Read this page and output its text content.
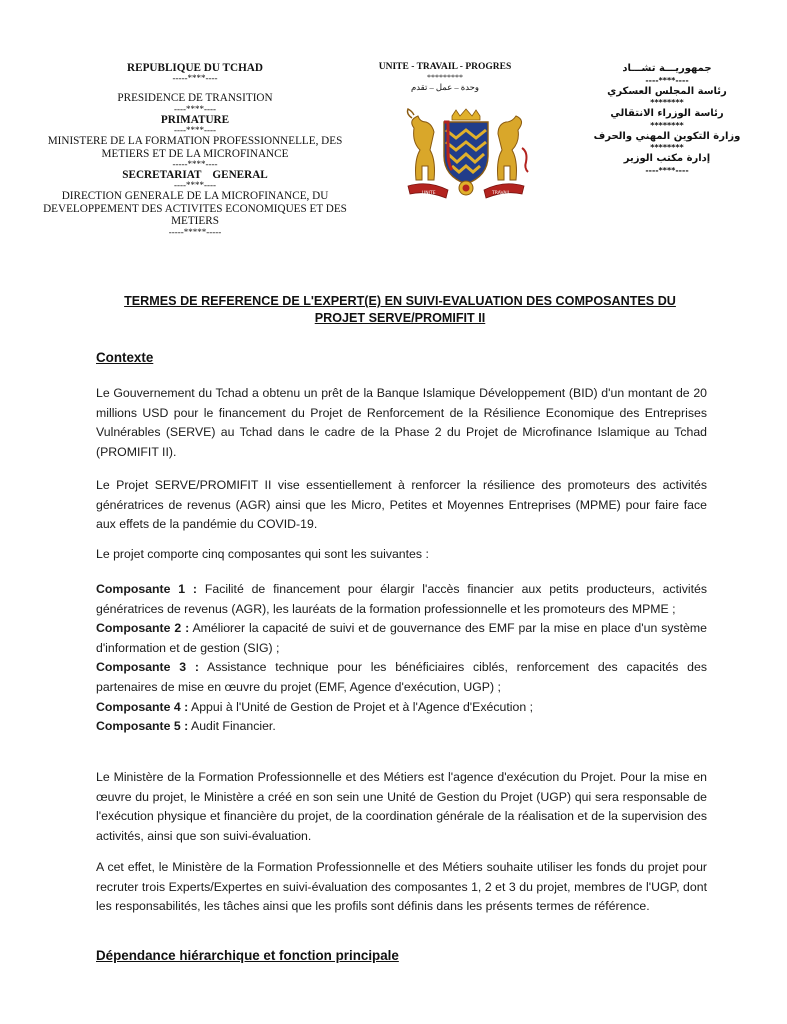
REPUBLIQUE DU TCHAD
-----****----
PRESIDENCE DE TRANSITION
----****----
PRIMATURE
----****----
MINISTERE DE LA FORMATION PROFESSIONNELLE, DES
METIERS ET DE LA MICROFINANCE
-----****----
SECRETARIAT    GENERAL
----****----
DIRECTION GENERALE DE LA MICROFINANCE, DU
DEVELOPPEMENT DES ACTIVITES ECONOMIQUES ET DES
METIERS
-----*****-----
UNITE - TRAVAIL - PROGRES
*********
وحدة – عمل – تقدم
UNITE	TRAVAIL
جمهوريـــة تشـــاد
----****----
رئاسة المجلس العسكري
********
رئاسة الوزراء الانتقالي
********
وزارة التكوين المهني والحرف
********
إدارة مكتب الوزير
----****----
TERMES DE REFERENCE DE L'EXPERT(E) EN SUIVI-EVALUATION DES COMPOSANTES DU
PROJET SERVE/PROMIFIT II
Contexte
Le Gouvernement du Tchad a obtenu un prêt de la Banque Islamique Développement (BID) d'un montant de 20 millions USD pour le financement du Projet de Renforcement de la Résilience Economique des Entreprises Vulnérables (SERVE) au Tchad dans le cadre de la Phase 2 du Projet de Microfinance Islamique au Tchad (PROMIFIT II).
Le Projet SERVE/PROMIFIT II vise essentiellement à renforcer la résilience des promoteurs des activités génératrices de revenus (AGR) ainsi que les Micro, Petites et Moyennes Entreprises (MPME) pour faire face aux effets de la pandémie du COVID-19.
Le projet comporte cinq composantes qui sont les suivantes :

Composante 1 : Facilité de financement pour élargir l'accès financier aux petits producteurs, activités génératrices de revenus (AGR), les lauréats de la formation professionnelle et les promoteurs des MPME ;

Composante 2 : Améliorer la capacité de suivi et de gouvernance des EMF par la mise en place d'un système d'information et de gestion (SIG) ;

Composante 3 : Assistance technique pour les bénéficiaires ciblés, renforcement des capacités des partenaires de mise en œuvre du projet (EMF, Agence d'exécution, UGP) ;

Composante 4 : Appui à l'Unité de Gestion de Projet et à l'Agence d'Exécution ;

Composante 5 : Audit Financier.

Le Ministère de la Formation Professionnelle et des Métiers est l'agence d'exécution du Projet. Pour la mise en œuvre du projet, le Ministère a créé en son sein une Unité de Gestion du Projet (UGP) qui sera responsable de l'exécution physique et financière du projet, de la coordination générale de la réalisation et de la supervision des activités, ainsi que son suivi-évaluation.
A cet effet, le Ministère de la Formation Professionnelle et des Métiers souhaite utiliser les fonds du projet pour recruter trois Experts/Expertes en suivi-évaluation des composantes 1, 2 et 3 du projet, membres de l'UGP, dont les responsabilités, les tâches ainsi que les profils sont définis dans les présents termes de référence.
Dépendance hiérarchique et fonction principale
